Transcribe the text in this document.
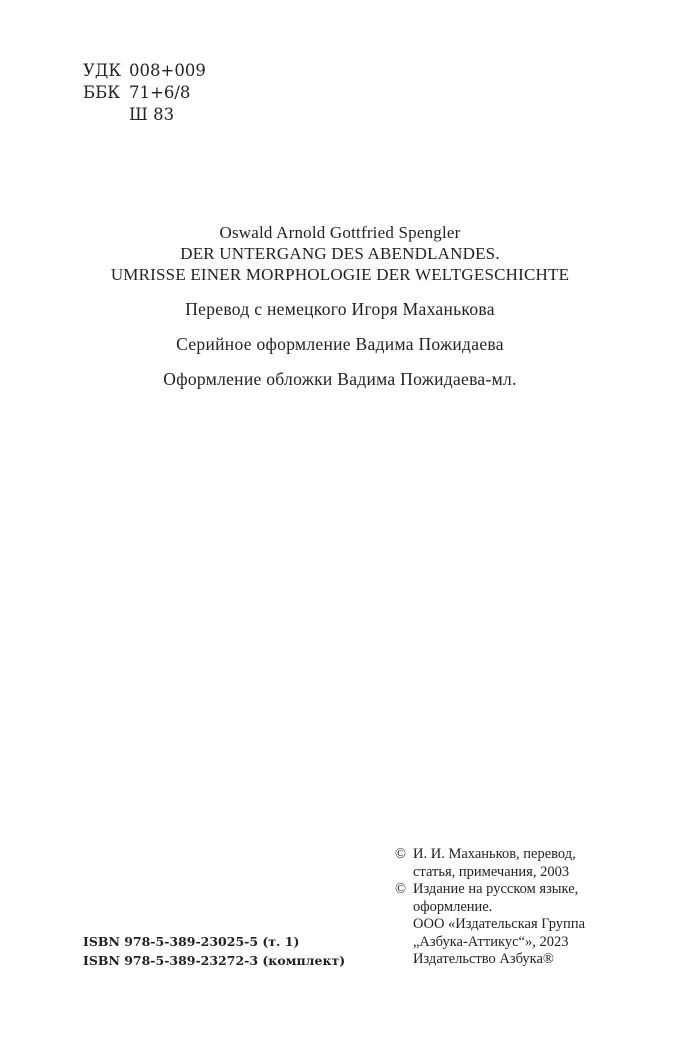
УДК 008+009
ББК 71+6/8
Ш 83
Oswald Arnold Gottfried Spengler
DER UNTERGANG DES ABENDLANDES.
UMRISSE EINER MORPHOLOGIE DER WELTGESCHICHTE
Перевод с немецкого Игоря Маханькова
Серийное оформление Вадима Пожидаева
Оформление обложки Вадима Пожидаева-мл.
ISBN 978-5-389-23025-5 (т. 1)
ISBN 978-5-389-23272-3 (комплект)
© И. И. Маханьков, перевод,
статья, примечания, 2003
© Издание на русском языке,
оформление.
ООО «Издательская Группа
„Азбука-Аттикус“», 2023
Издательство Азбука®
